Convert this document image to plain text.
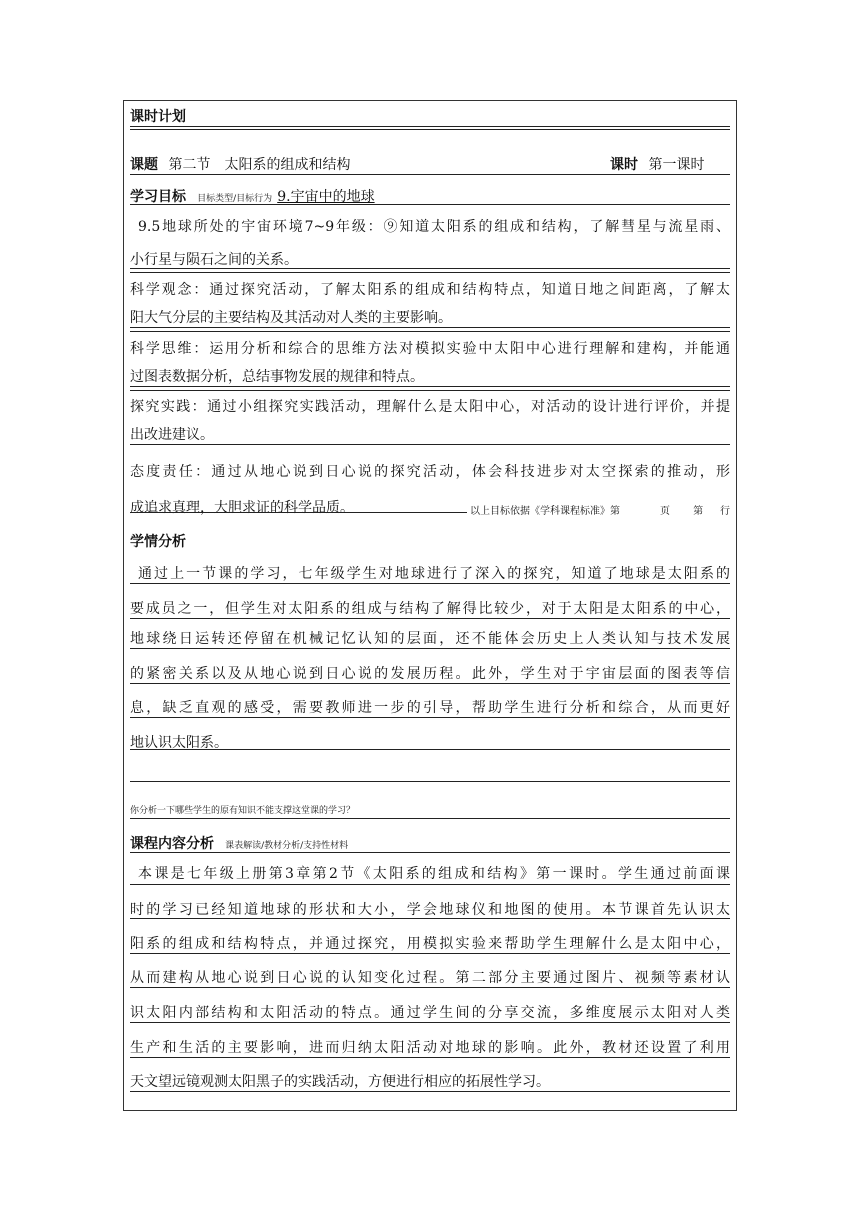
课时计划
课题 第二节　太阳系的组成和结构	课时 第一课时
学习目标 目标类型/目标行为 9.宇宙中的地球
9.5地球所处的宇宙环境7~9年级：⑨知道太阳系的组成和结构，了解彗星与流星雨、
小行星与陨石之间的关系。
科学观念：通过探究活动，了解太阳系的组成和结构特点，知道日地之间距离，了解太
阳大气分层的主要结构及其活动对人类的主要影响。
科学思维：运用分析和综合的思维方法对模拟实验中太阳中心进行理解和建构，并能通
过图表数据分析，总结事物发展的规律和特点。
探究实践：通过小组探究实践活动，理解什么是太阳中心，对活动的设计进行评价，并提
出改进建议。
态度责任：通过从地心说到日心说的探究活动，体会科技进步对太空探索的推动，形
成追求真理，大胆求证的科学品质。	以上目标依据《学科课程标准》第	页 第 行
学情分析
通过上一节课的学习，七年级学生对地球进行了深入的探究，知道了地球是太阳系的
要成员之一，但学生对太阳系的组成与结构了解得比较少，对于太阳是太阳系的中心，
地球绕日运转还停留在机械记忆认知的层面，还不能体会历史上人类认知与技术发展
的紧密关系以及从地心说到日心说的发展历程。此外，学生对于宇宙层面的图表等信
息，缺乏直观的感受，需要教师进一步的引导，帮助学生进行分析和综合，从而更好
地认识太阳系。
你分析一下哪些学生的原有知识不能支撑这堂课的学习？
课程内容分析 课表解读/教材分析/支持性材料
本课是七年级上册第3章第2节《太阳系的组成和结构》第一课时。学生通过前面课
时的学习已经知道地球的形状和大小，学会地球仪和地图的使用。本节课首先认识太
阳系的组成和结构特点，并通过探究，用模拟实验来帮助学生理解什么是太阳中心，
从而建构从地心说到日心说的认知变化过程。第二部分主要通过图片、视频等素材认
识太阳内部结构和太阳活动的特点。通过学生间的分享交流，多维度展示太阳对人类
生产和生活的主要影响，进而归纳太阳活动对地球的影响。此外，教材还设置了利用
天文望远镜观测太阳黑子的实践活动，方便进行相应的拓展性学习。
